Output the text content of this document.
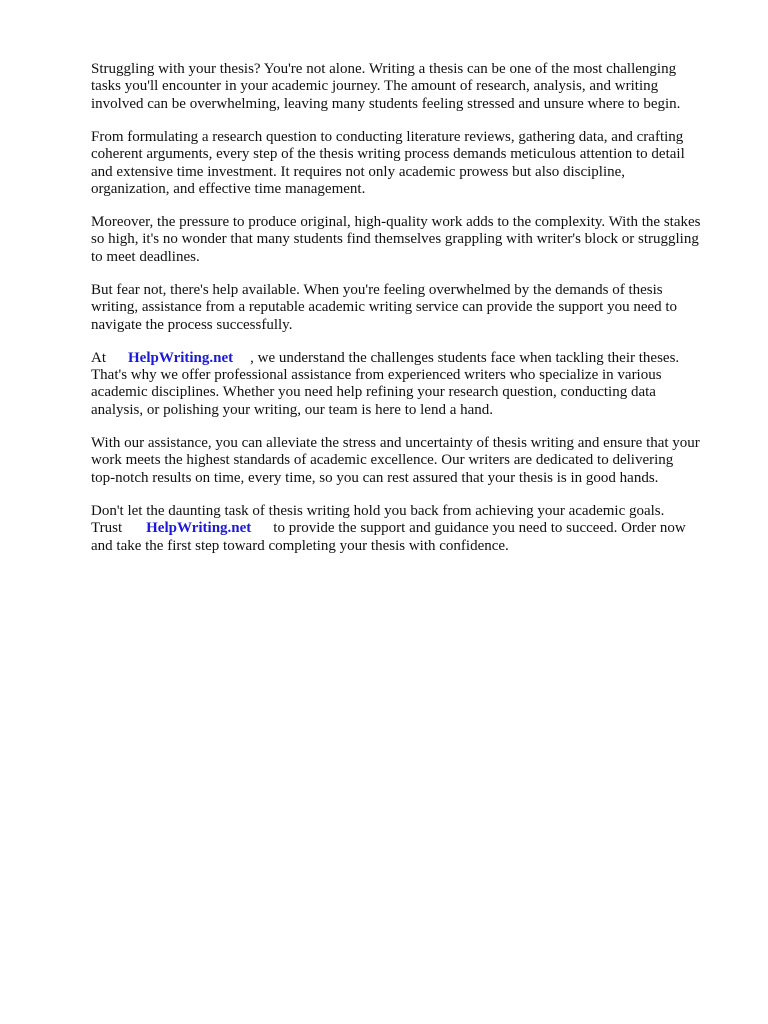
Struggling with your thesis? You're not alone. Writing a thesis can be one of the most challenging
tasks you'll encounter in your academic journey. The amount of research, analysis, and writing
involved can be overwhelming, leaving many students feeling stressed and unsure where to begin.

From formulating a research question to conducting literature reviews, gathering data, and crafting
coherent arguments, every step of the thesis writing process demands meticulous attention to detail
and extensive time investment. It requires not only academic prowess but also discipline,
organization, and effective time management.

Moreover, the pressure to produce original, high-quality work adds to the complexity. With the stakes
so high, it's no wonder that many students find themselves grappling with writer's block or struggling
to meet deadlines.

But fear not, there's help available. When you're feeling overwhelmed by the demands of thesis
writing, assistance from a reputable academic writing service can provide the support you need to
navigate the process successfully.

At HelpWriting.net , we understand the challenges students face when tackling their theses.
That's why we offer professional assistance from experienced writers who specialize in various
academic disciplines. Whether you need help refining your research question, conducting data
analysis, or polishing your writing, our team is here to lend a hand.

With our assistance, you can alleviate the stress and uncertainty of thesis writing and ensure that your
work meets the highest standards of academic excellence. Our writers are dedicated to delivering
top-notch results on time, every time, so you can rest assured that your thesis is in good hands.

Don't let the daunting task of thesis writing hold you back from achieving your academic goals.
Trust HelpWriting.net to provide the support and guidance you need to succeed. Order now
and take the first step toward completing your thesis with confidence.
